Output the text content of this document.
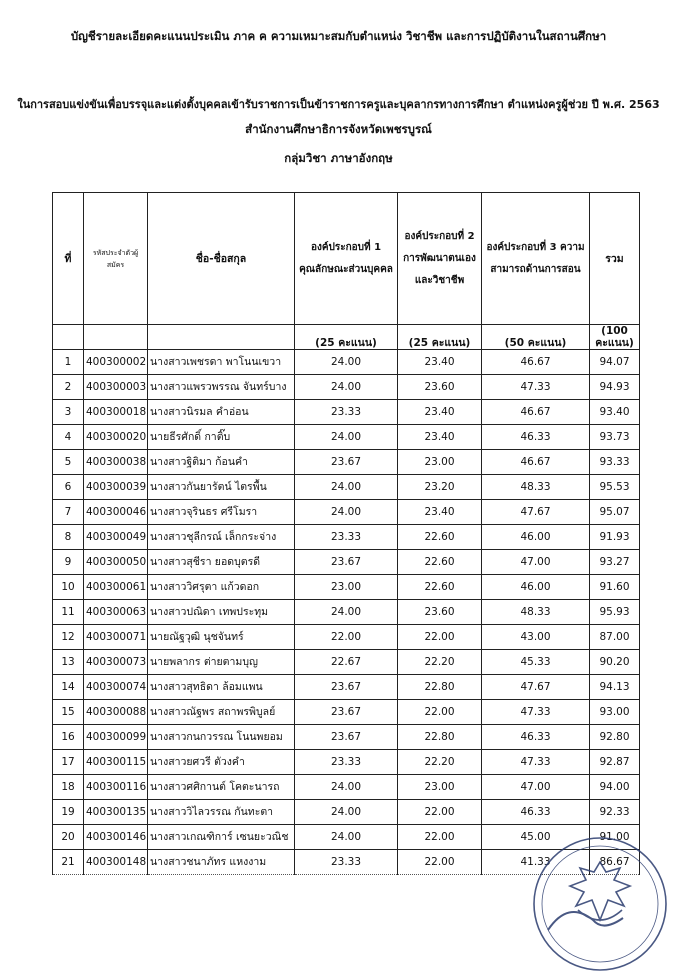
บัญชีรายละเอียดคะแนนประเมิน ภาค ค ความเหมาะสมกับตำแหน่ง วิชาชีพ และการปฏิบัติงานในสถานศึกษา
ในการสอบแข่งขันเพื่อบรรจุและแต่งตั้งบุคคลเข้ารับราชการเป็นข้าราชการครูและบุคลากรทางการศึกษา ตำแหน่งครูผู้ช่วย ปี พ.ศ. 2563
สำนักงานศึกษาธิการจังหวัดเพชรบูรณ์
กลุ่มวิชา ภาษาอังกฤษ
ที่	รหัสประจำตัวผู้สมัคร	ชื่อ-ชื่อสกุล	องค์ประกอบที่ 1 คุณลักษณะส่วนบุคคล	องค์ประกอบที่ 2 การพัฒนาตนเองและวิชาชีพ	องค์ประกอบที่ 3 ความสามารถด้านการสอน	รวม
			(25 คะแนน)	(25 คะแนน)	(50 คะแนน)	(100 คะแนน)
1	400300002	นางสาวเพชรดา พาโนนเขวา	24.00	23.40	46.67	94.07
2	400300003	นางสาวแพรวพรรณ จันทร์บาง	24.00	23.60	47.33	94.93
3	400300018	นางสาวนิรมล คำอ่อน	23.33	23.40	46.67	93.40
4	400300020	นายธีรศักดิ์ กาติ๊บ	24.00	23.40	46.33	93.73
5	400300038	นางสาวฐิติมา ก้อนคำ	23.67	23.00	46.67	93.33
6	400300039	นางสาวกันยารัตน์ ไตรพื้น	24.00	23.20	48.33	95.53
7	400300046	นางสาวจุรินธร ศรีโมรา	24.00	23.40	47.67	95.07
8	400300049	นางสาวชุลีกรณ์ เล็กกระจ่าง	23.33	22.60	46.00	91.93
9	400300050	นางสาวสุชีรา ยอดบุตรดี	23.67	22.60	47.00	93.27
10	400300061	นางสาววิศรุตา แก้วดอก	23.00	22.60	46.00	91.60
11	400300063	นางสาวปณิดา เทพประทุม	24.00	23.60	48.33	95.93
12	400300071	นายณัฐวุฒิ นุชจันทร์	22.00	22.00	43.00	87.00
13	400300073	นายพลากร ต่ายตามบุญ	22.67	22.20	45.33	90.20
14	400300074	นางสาวสุทธิดา ล้อมแพน	23.67	22.80	47.67	94.13
15	400300088	นางสาวณัฐพร สถาพรพิบูลย์	23.67	22.00	47.33	93.00
16	400300099	นางสาวกนกวรรณ โนนพยอม	23.67	22.80	46.33	92.80
17	400300115	นางสาวยศวรี ตัวงคำ	23.33	22.20	47.33	92.87
18	400300116	นางสาวศศิกานต์ โคตะนารถ	24.00	23.00	47.00	94.00
19	400300135	นางสาววิไลวรรณ กันทะตา	24.00	22.00	46.33	92.33
20	400300146	นางสาวเกณฑิการ์ เซนยะวณิช	24.00	22.00	45.00	91.00
21	400300148	นางสาวชนาภัทร แหงงาม	23.33	22.00	41.33	86.67
